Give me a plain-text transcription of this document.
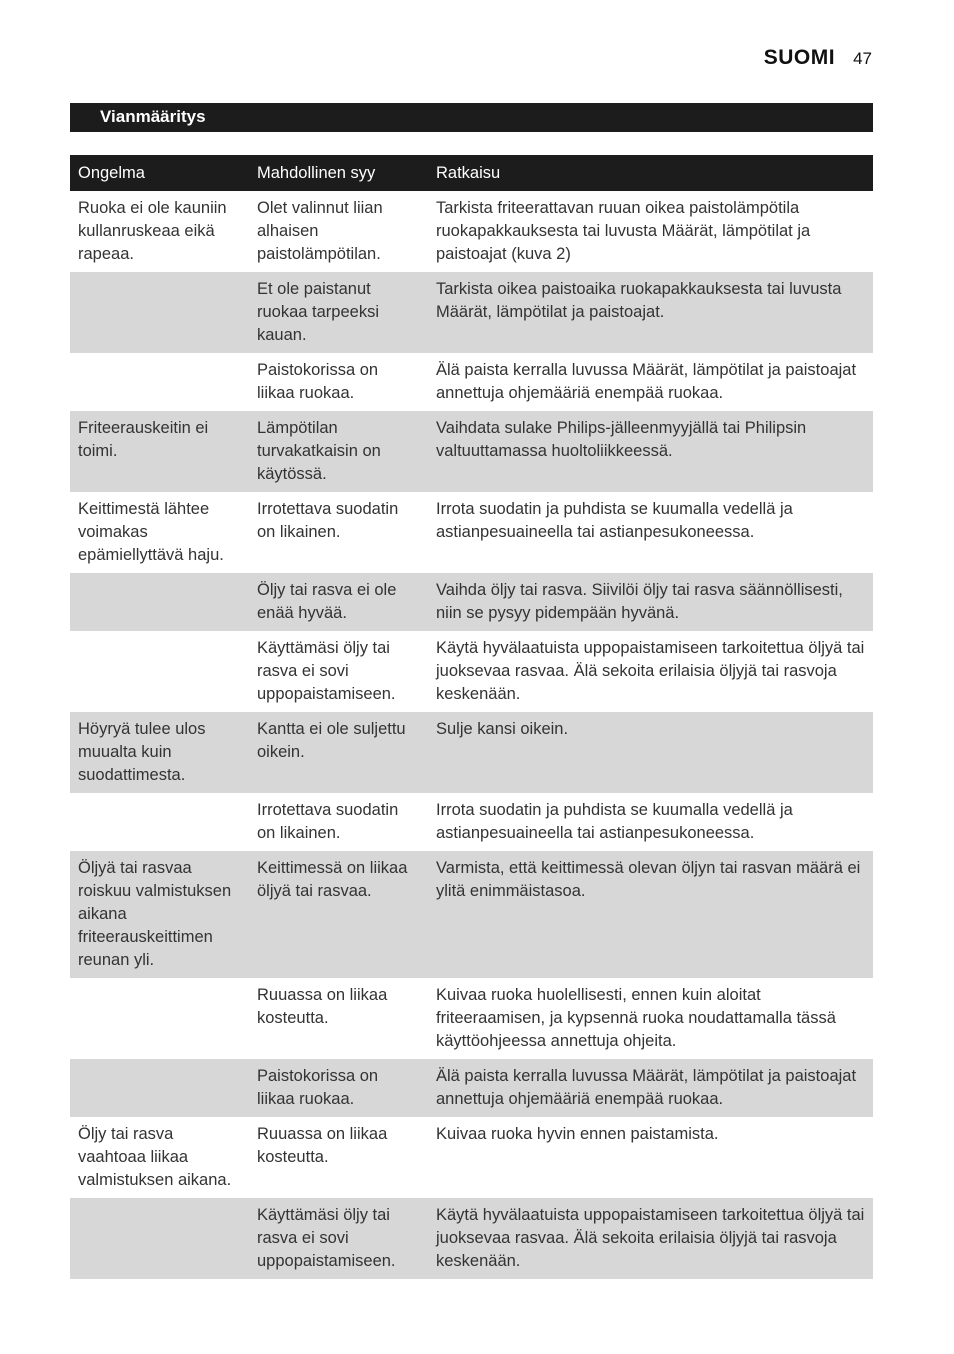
SUOMI 47
Vianmääritys
Ongelma	Mahdollinen syy	Ratkaisu
Ruoka ei ole kauniin kullanruskeaa eikä rapeaa.	Olet valinnut liian alhaisen paistolämpötilan.	Tarkista friteerattavan ruuan oikea paistolämpötila ruokapakkauksesta tai luvusta Määrät, lämpötilat ja paistoajat (kuva 2)
	Et ole paistanut ruokaa tarpeeksi kauan.	Tarkista oikea paistoaika ruokapakkauksesta tai luvusta Määrät, lämpötilat ja paistoajat.
	Paistokorissa on liikaa ruokaa.	Älä paista kerralla luvussa Määrät, lämpötilat ja paistoajat annettuja ohjemääriä enempää ruokaa.
Friteerauskeitin ei toimi.	Lämpötilan turvakatkaisin on käytössä.	Vaihdata sulake Philips-jälleenmyyjällä tai Philipsin valtuuttamassa huoltoliikkeessä.
Keittimestä lähtee voimakas epämiellyttävä haju.	Irrotettava suodatin on likainen.	Irrota suodatin ja puhdista se kuumalla vedellä ja astianpesuaineella tai astianpesukoneessa.
	Öljy tai rasva ei ole enää hyvää.	Vaihda öljy tai rasva. Siivilöi öljy tai rasva säännöllisesti, niin se pysyy pidempään hyvänä.
	Käyttämäsi öljy tai rasva ei sovi uppopaistamiseen.	Käytä hyvälaatuista uppopaistamiseen tarkoitettua öljyä tai juoksevaa rasvaa. Älä sekoita erilaisia öljyjä tai rasvoja keskenään.
Höyryä tulee ulos muualta kuin suodattimesta.	Kantta ei ole suljettu oikein.	Sulje kansi oikein.
	Irrotettava suodatin on likainen.	Irrota suodatin ja puhdista se kuumalla vedellä ja astianpesuaineella tai astianpesukoneessa.
Öljyä tai rasvaa roiskuu valmistuksen aikana friteerauskeittimen reunan yli.	Keittimessä on liikaa öljyä tai rasvaa.	Varmista, että keittimessä olevan öljyn tai rasvan määrä ei ylitä enimmäistasoa.
	Ruuassa on liikaa kosteutta.	Kuivaa ruoka huolellisesti, ennen kuin aloitat friteeraamisen, ja kypsennä ruoka noudattamalla tässä käyttöohjeessa annettuja ohjeita.
	Paistokorissa on liikaa ruokaa.	Älä paista kerralla luvussa Määrät, lämpötilat ja paistoajat annettuja ohjemääriä enempää ruokaa.
Öljy tai rasva vaahtoaa liikaa valmistuksen aikana.	Ruuassa on liikaa kosteutta.	Kuivaa ruoka hyvin ennen paistamista.
	Käyttämäsi öljy tai rasva ei sovi uppopaistamiseen.	Käytä hyvälaatuista uppopaistamiseen tarkoitettua öljyä tai juoksevaa rasvaa. Älä sekoita erilaisia öljyjä tai rasvoja keskenään.
